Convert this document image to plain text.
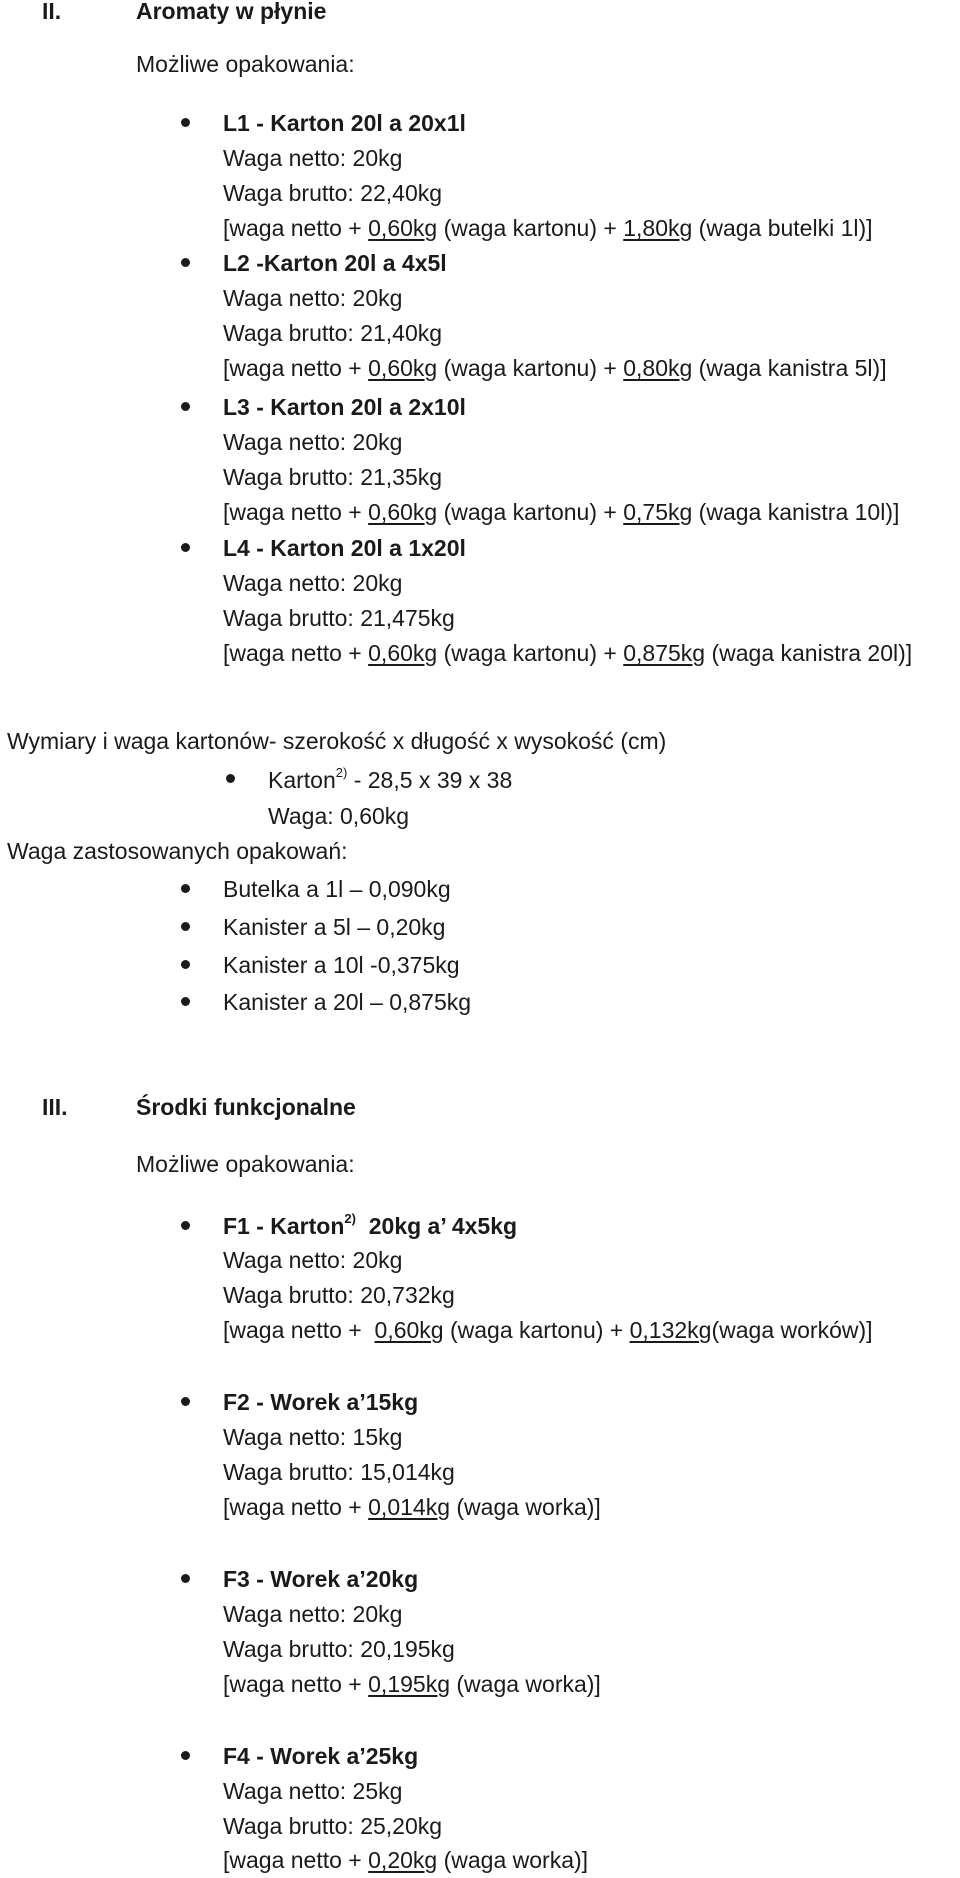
II.	Aromaty w płynie
Możliwe opakowania:
L1 - Karton 20l a 20x1l
Waga netto: 20kg
Waga brutto: 22,40kg
[waga netto + 0,60kg (waga kartonu) + 1,80kg (waga butelki 1l)]
L2 -Karton 20l a 4x5l
Waga netto: 20kg
Waga brutto: 21,40kg
[waga netto + 0,60kg (waga kartonu) + 0,80kg (waga kanistra 5l)]
L3 - Karton 20l a 2x10l
Waga netto: 20kg
Waga brutto: 21,35kg
[waga netto + 0,60kg (waga kartonu) + 0,75kg (waga kanistra 10l)]
L4 - Karton 20l a 1x20l
Waga netto: 20kg
Waga brutto: 21,475kg
[waga netto + 0,60kg (waga kartonu) + 0,875kg (waga kanistra 20l)]
Wymiary i waga kartonów- szerokość x długość x wysokość (cm)
Karton$^{2)}$ - 28,5 x 39 x 38
Waga: 0,60kg
Waga zastosowanych opakowań:
Butelka a 1l – 0,090kg
Kanister a 5l – 0,20kg
Kanister a 10l -0,375kg
Kanister a 20l – 0,875kg
III.	Środki funkcjonalne
Możliwe opakowania:
F1 - Karton$^{2)}$  20kg a’ 4x5kg
Waga netto: 20kg
Waga brutto: 20,732kg
[waga netto +  0,60kg (waga kartonu) + 0,132kg(waga worków)]
F2 - Worek a’15kg
Waga netto: 15kg
Waga brutto: 15,014kg
[waga netto + 0,014kg (waga worka)]
F3 - Worek a’20kg
Waga netto: 20kg
Waga brutto: 20,195kg
[waga netto + 0,195kg (waga worka)]
F4 - Worek a’25kg
Waga netto: 25kg
Waga brutto: 25,20kg
[waga netto + 0,20kg (waga worka)]
